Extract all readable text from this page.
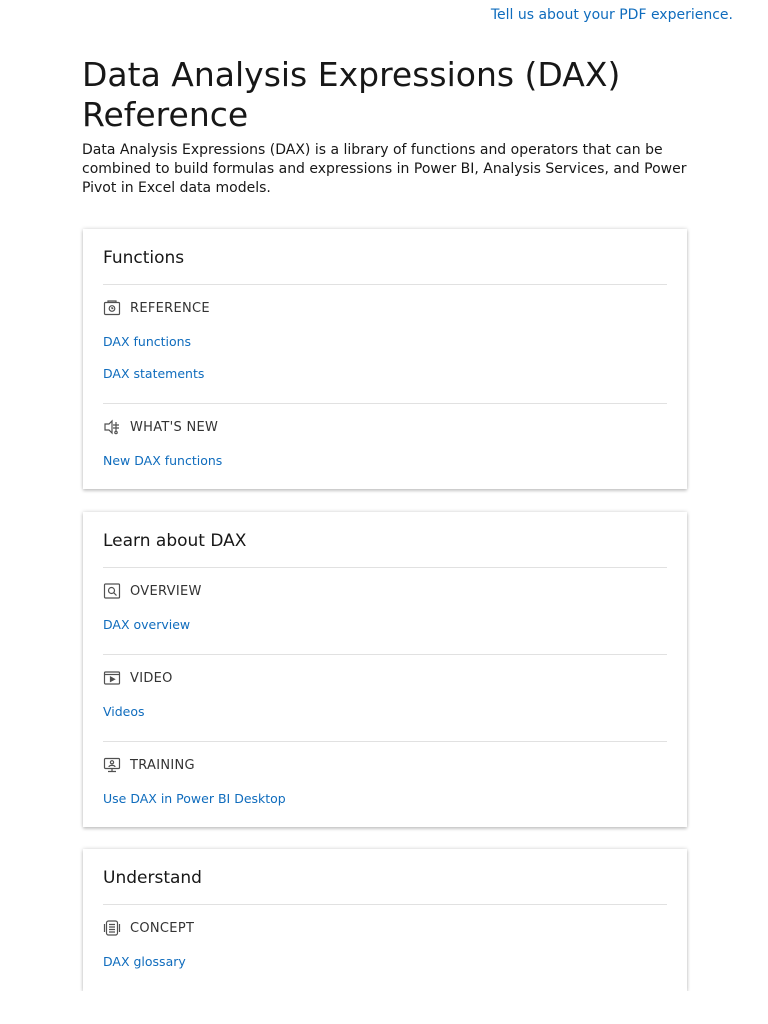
Tell us about your PDF experience.
Data Analysis Expressions (DAX) Reference

Data Analysis Expressions (DAX) is a library of functions and operators that can be combined to build formulas and expressions in Power BI, Analysis Services, and Power Pivot in Excel data models.

Functions
REFERENCE
DAX functions
DAX statements
WHAT'S NEW
New DAX functions
Learn about DAX
OVERVIEW
DAX overview
VIDEO
Videos
TRAINING
Use DAX in Power BI Desktop
Understand
CONCEPT
DAX glossary
